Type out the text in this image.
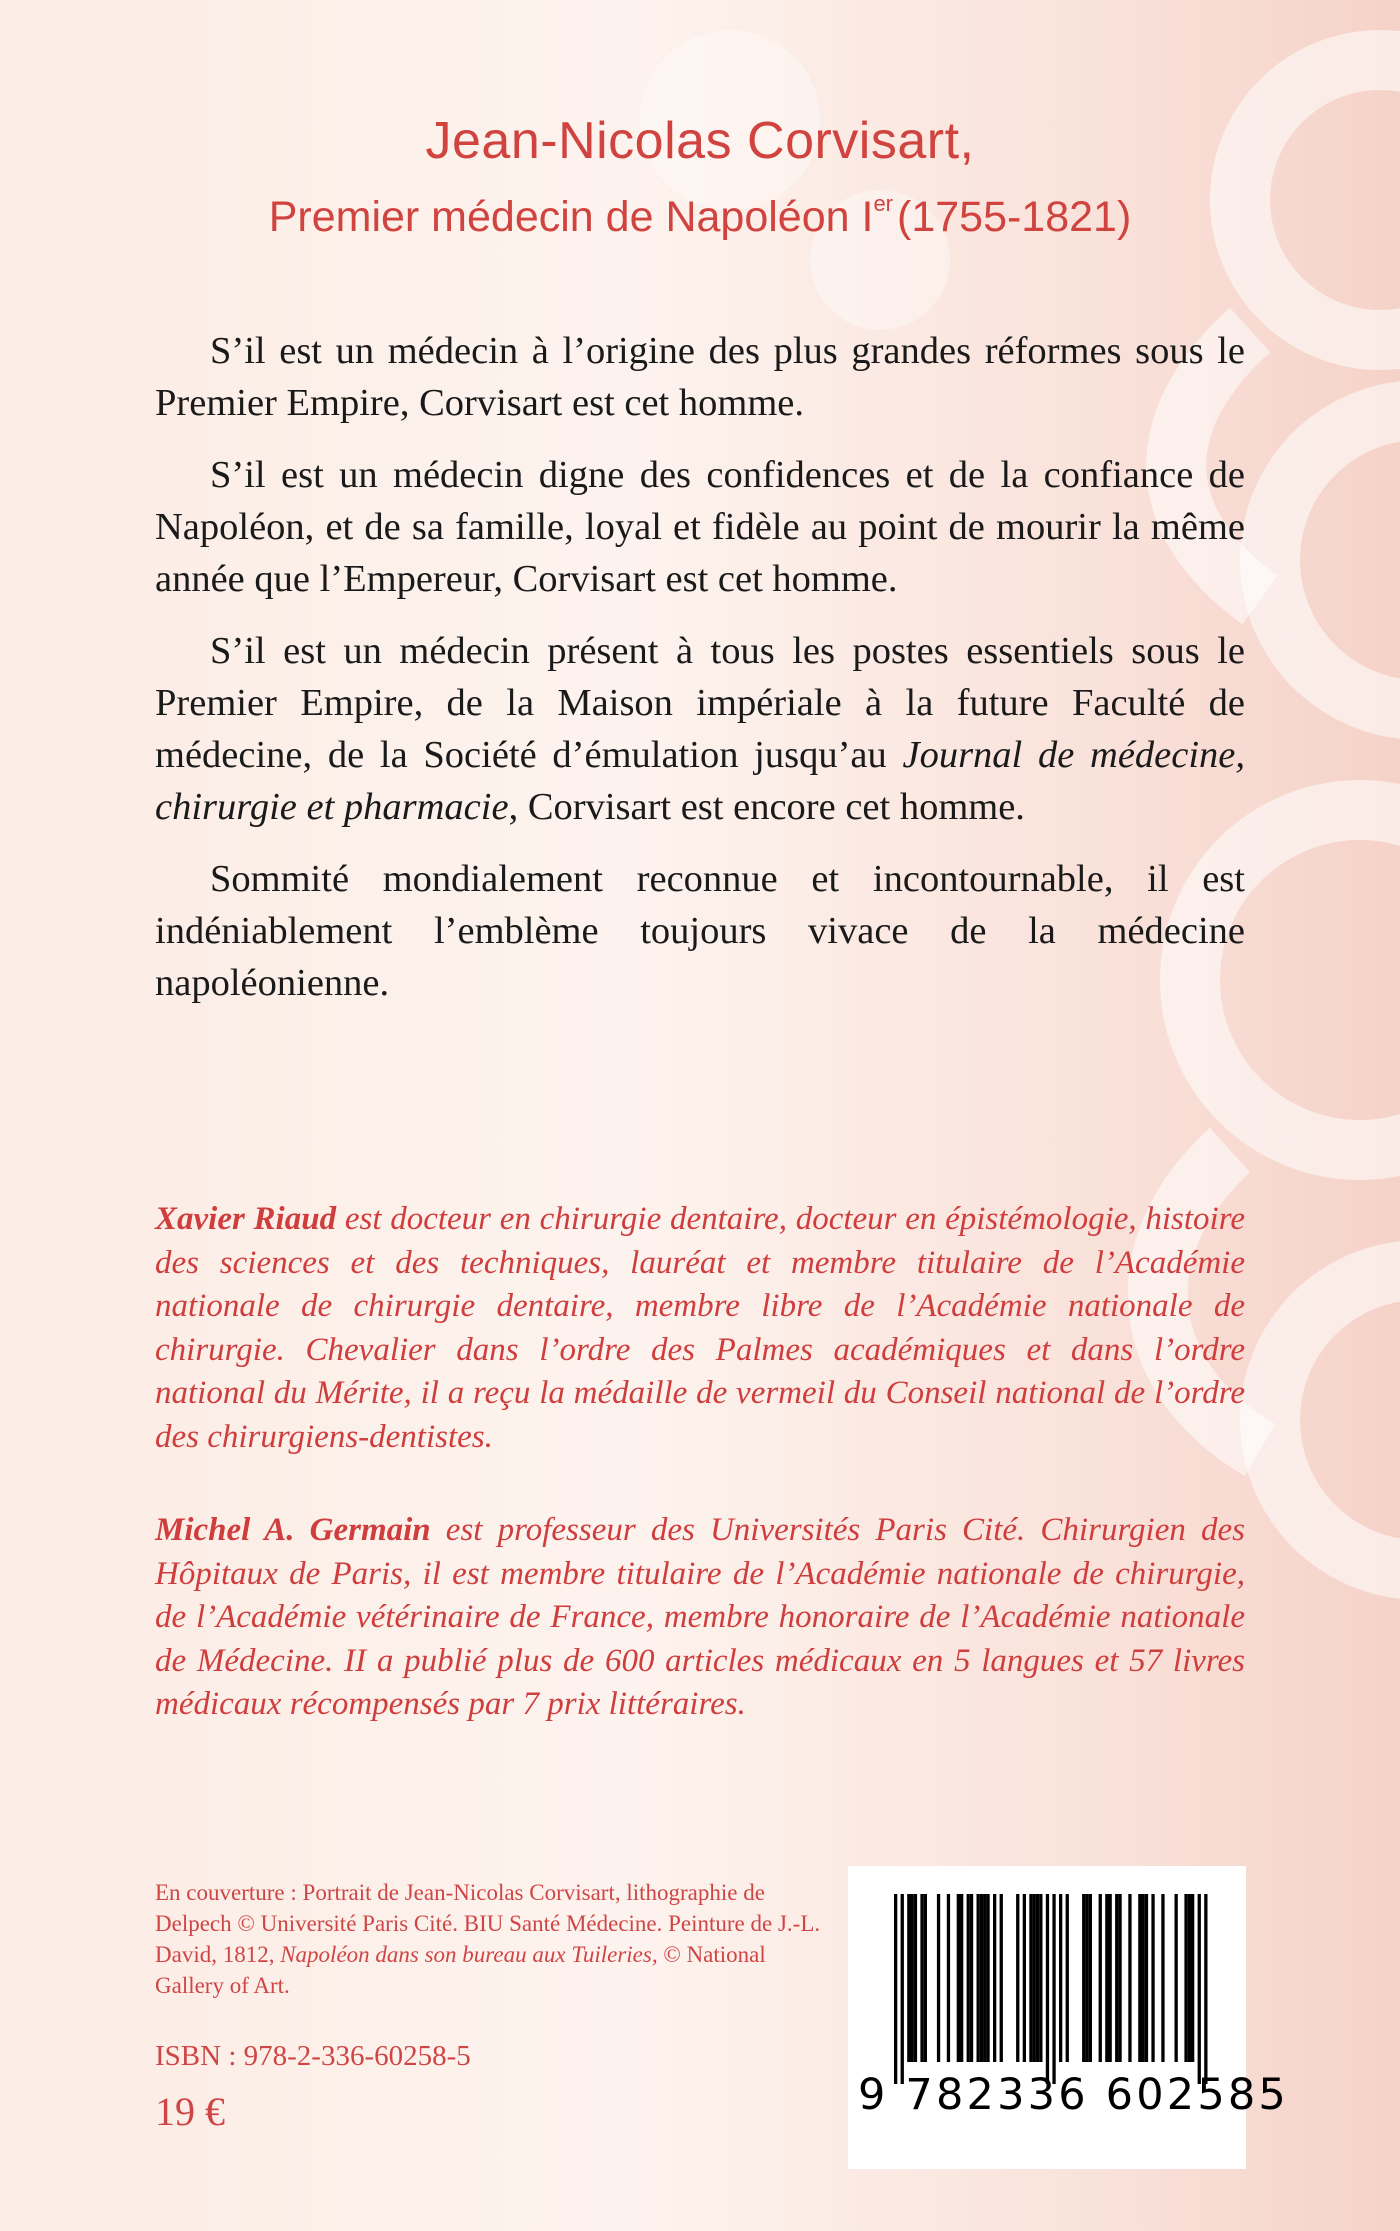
Jean-Nicolas Corvisart,
Premier médecin de Napoléon Ier(1755-1821)

S’il est un médecin à l’origine des plus grandes réformes sous le Premier Empire, Corvisart est cet homme.

S’il est un médecin digne des confidences et de la confiance de Napoléon, et de sa famille, loyal et fidèle au point de mourir la même année que l’Empereur, Corvisart est cet homme.

S’il est un médecin présent à tous les postes essentiels sous le Premier Empire, de la Maison impériale à la future Faculté de médecine, de la Société d’émulation jusqu’au Journal de médecine, chirurgie et pharmacie, Corvisart est encore cet homme.

Sommité mondialement reconnue et incontournable, il est indéniablement l’emblème toujours vivace de la médecine napoléonienne.

Xavier Riaud est docteur en chirurgie dentaire, docteur en épistémologie, histoire des sciences et des techniques, lauréat et membre titulaire de l’Académie nationale de chirurgie dentaire, membre libre de l’Académie nationale de chirurgie. Chevalier dans l’ordre des Palmes académiques et dans l’ordre national du Mérite, il a reçu la médaille de vermeil du Conseil national de l’ordre des chirurgiens-dentistes.

Michel A. Germain est professeur des Universités Paris Cité. Chirurgien des Hôpitaux de Paris, il est membre titulaire de l’Académie nationale de chirurgie, de l’Académie vétérinaire de France, membre honoraire de l’Académie nationale de Médecine. II a publié plus de 600 articles médicaux en 5 langues et 57 livres médicaux récompensés par 7 prix littéraires.

En couverture : Portrait de Jean-Nicolas Corvisart, lithographie de Delpech © Université Paris Cité. BIU Santé Médecine. Peinture de J.-L. David, 1812, Napoléon dans son bureau aux Tuileries, © National Gallery of Art.

ISBN : 978-2-336-60258-5
19 €	9 782336 602585
